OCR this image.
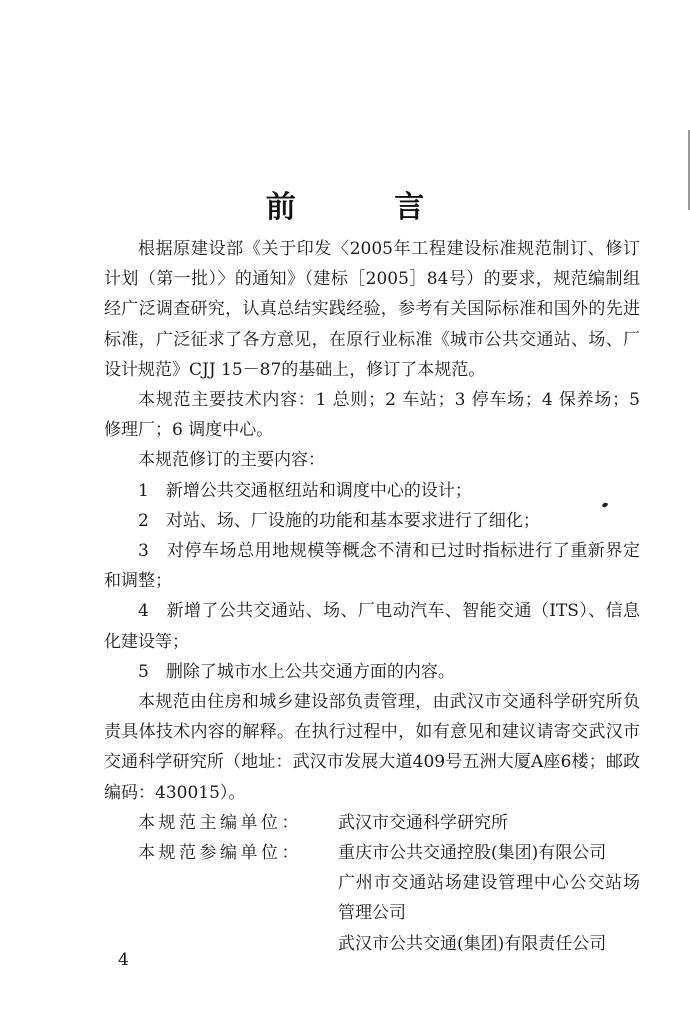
前 言

根据原建设部《关于印发〈2005年工程建设标准规范制订、修订计划（第一批）〉的通知》（建标［2005］84号）的要求，规范编制组经广泛调查研究，认真总结实践经验，参考有关国际标准和国外的先进标准，广泛征求了各方意见，在原行业标准《城市公共交通站、场、厂设计规范》CJJ 15－87的基础上，修订了本规范。

本规范主要技术内容：1 总则；2 车站；3 停车场；4 保养场；5 修理厂；6 调度中心。

本规范修订的主要内容：

1　新增公共交通枢纽站和调度中心的设计；

2　对站、场、厂设施的功能和基本要求进行了细化；

3　对停车场总用地规模等概念不清和已过时指标进行了重新界定和调整；

4　新增了公共交通站、场、厂电动汽车、智能交通（ITS）、信息化建设等；

5　删除了城市水上公共交通方面的内容。

本规范由住房和城乡建设部负责管理，由武汉市交通科学研究所负责具体技术内容的解释。在执行过程中，如有意见和建议请寄交武汉市交通科学研究所（地址：武汉市发展大道409号五洲大厦A座6楼；邮政编码：430015）。

本规范主编单位：	武汉市交通科学研究所
本规范参编单位：	重庆市公共交通控股(集团)有限公司
广州市交通站场建设管理中心公交站场管理公司
武汉市公共交通(集团)有限责任公司
4
